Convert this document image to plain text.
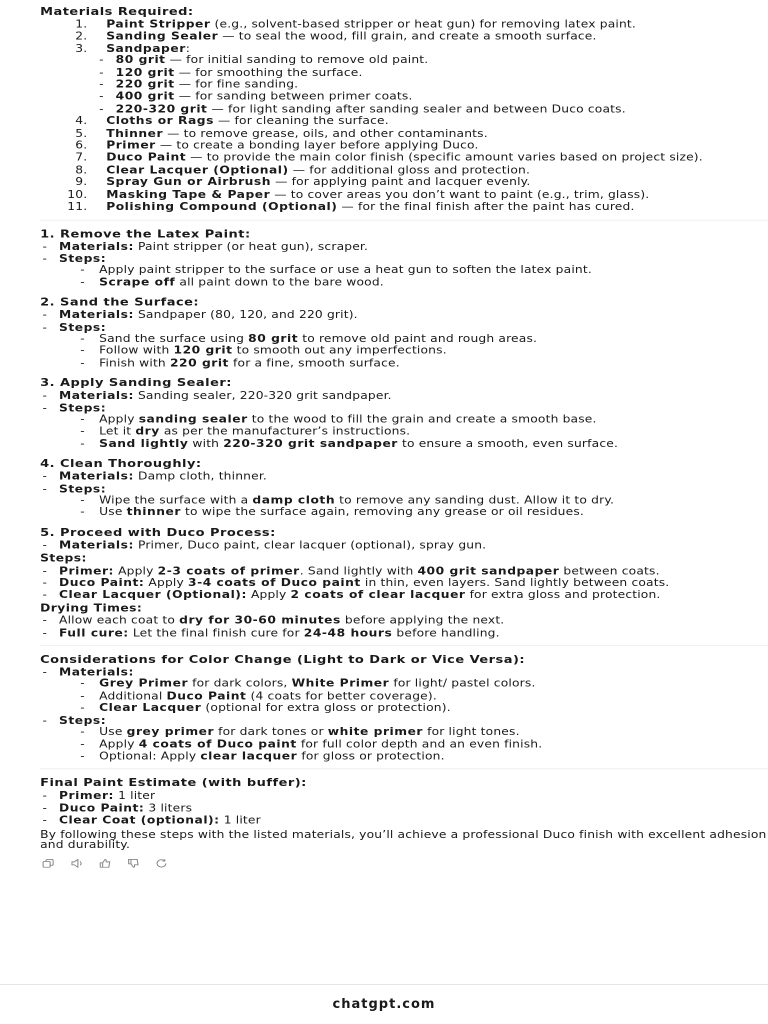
Materials Required:
1. Paint Stripper (e.g., solvent-based stripper or heat gun) for removing latex paint.
2. Sanding Sealer — to seal the wood, fill grain, and create a smooth surface.
3. Sandpaper:
- 80 grit — for initial sanding to remove old paint.
- 120 grit — for smoothing the surface.
- 220 grit — for fine sanding.
- 400 grit — for sanding between primer coats.
- 220-320 grit — for light sanding after sanding sealer and between Duco coats.
4. Cloths or Rags — for cleaning the surface.
5. Thinner — to remove grease, oils, and other contaminants.
6. Primer — to create a bonding layer before applying Duco.
7. Duco Paint — to provide the main color finish (specific amount varies based on project size).
8. Clear Lacquer (Optional) — for additional gloss and protection.
9. Spray Gun or Airbrush — for applying paint and lacquer evenly.
10. Masking Tape & Paper — to cover areas you don’t want to paint (e.g., trim, glass).
11. Polishing Compound (Optional) — for the final finish after the paint has cured.
1. Remove the Latex Paint:
- Materials: Paint stripper (or heat gun), scraper.
- Steps:
- Apply paint stripper to the surface or use a heat gun to soften the latex paint.
- Scrape off all paint down to the bare wood.
2. Sand the Surface:
- Materials: Sandpaper (80, 120, and 220 grit).
- Steps:
- Sand the surface using 80 grit to remove old paint and rough areas.
- Follow with 120 grit to smooth out any imperfections.
- Finish with 220 grit for a fine, smooth surface.
3. Apply Sanding Sealer:
- Materials: Sanding sealer, 220-320 grit sandpaper.
- Steps:
- Apply sanding sealer to the wood to fill the grain and create a smooth base.
- Let it dry as per the manufacturer’s instructions.
- Sand lightly with 220-320 grit sandpaper to ensure a smooth, even surface.
4. Clean Thoroughly:
- Materials: Damp cloth, thinner.
- Steps:
- Wipe the surface with a damp cloth to remove any sanding dust. Allow it to dry.
- Use thinner to wipe the surface again, removing any grease or oil residues.
5. Proceed with Duco Process:
- Materials: Primer, Duco paint, clear lacquer (optional), spray gun.
Steps:
- Primer: Apply 2-3 coats of primer. Sand lightly with 400 grit sandpaper between coats.
- Duco Paint: Apply 3-4 coats of Duco paint in thin, even layers. Sand lightly between coats.
- Clear Lacquer (Optional): Apply 2 coats of clear lacquer for extra gloss and protection.
Drying Times:
- Allow each coat to dry for 30-60 minutes before applying the next.
- Full cure: Let the final finish cure for 24-48 hours before handling.
Considerations for Color Change (Light to Dark or Vice Versa):
- Materials:
- Grey Primer for dark colors, White Primer for light/ pastel colors.
- Additional Duco Paint (4 coats for better coverage).
- Clear Lacquer (optional for extra gloss or protection).
- Steps:
- Use grey primer for dark tones or white primer for light tones.
- Apply 4 coats of Duco paint for full color depth and an even finish.
- Optional: Apply clear lacquer for gloss or protection.
Final Paint Estimate (with buffer):
- Primer: 1 liter
- Duco Paint: 3 liters
- Clear Coat (optional): 1 liter

By following these steps with the listed materials, you’ll achieve a professional Duco finish with excellent adhesion and durability.

chatgpt.com
